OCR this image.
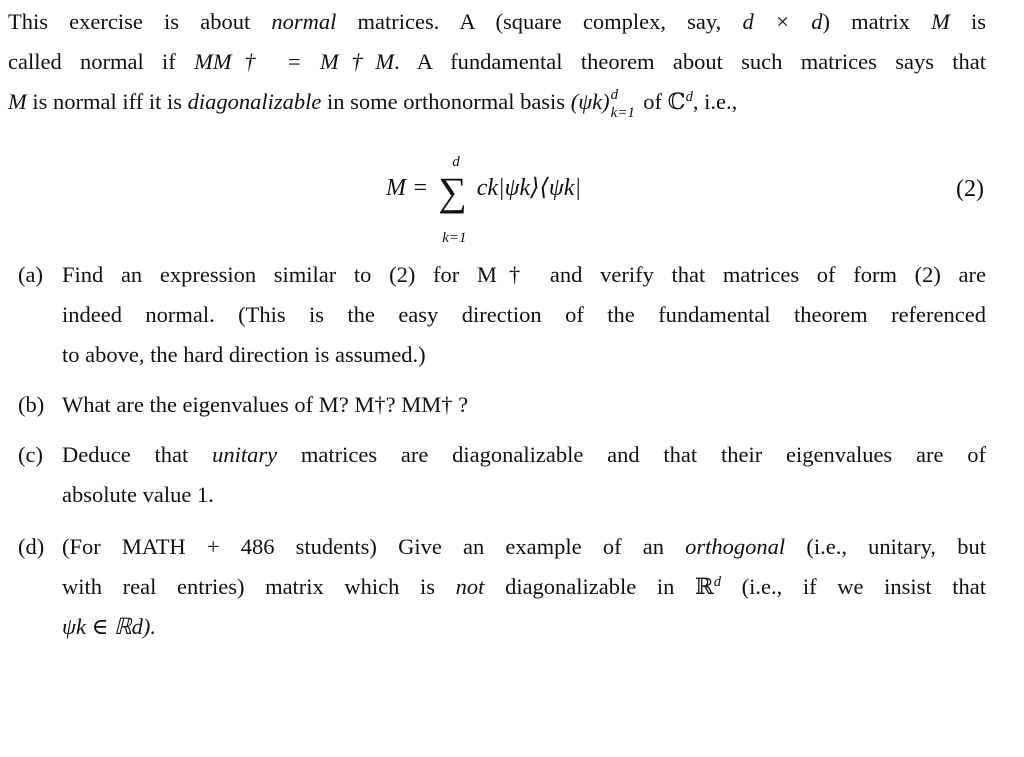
This exercise is about normal matrices. A (square complex, say, d × d) matrix M is
called normal if MM† = M†M. A fundamental theorem about such matrices says that
M is normal iff it is diagonalizable in some orthonormal basis (ψk) d
k=1 of ℂ$^d$, i.e.,
M = ∑
d
k=1
ck|ψk⟩⟨ψk|	(2)
(a) Find an expression similar to (2) for M† and verify that matrices of form (2) are
indeed normal. (This is the easy direction of the fundamental theorem referenced
to above, the hard direction is assumed.)
(b) What are the eigenvalues of M? M†? MM† ?
(c) Deduce that unitary matrices are diagonalizable and that their eigenvalues are of
absolute value 1.
(d) (For MATH + 486 students) Give an example of an orthogonal (i.e., unitary, but
with real entries) matrix which is not diagonalizable in ℝ$^d$ (i.e., if we insist that
ψk ∈ ℝd).
